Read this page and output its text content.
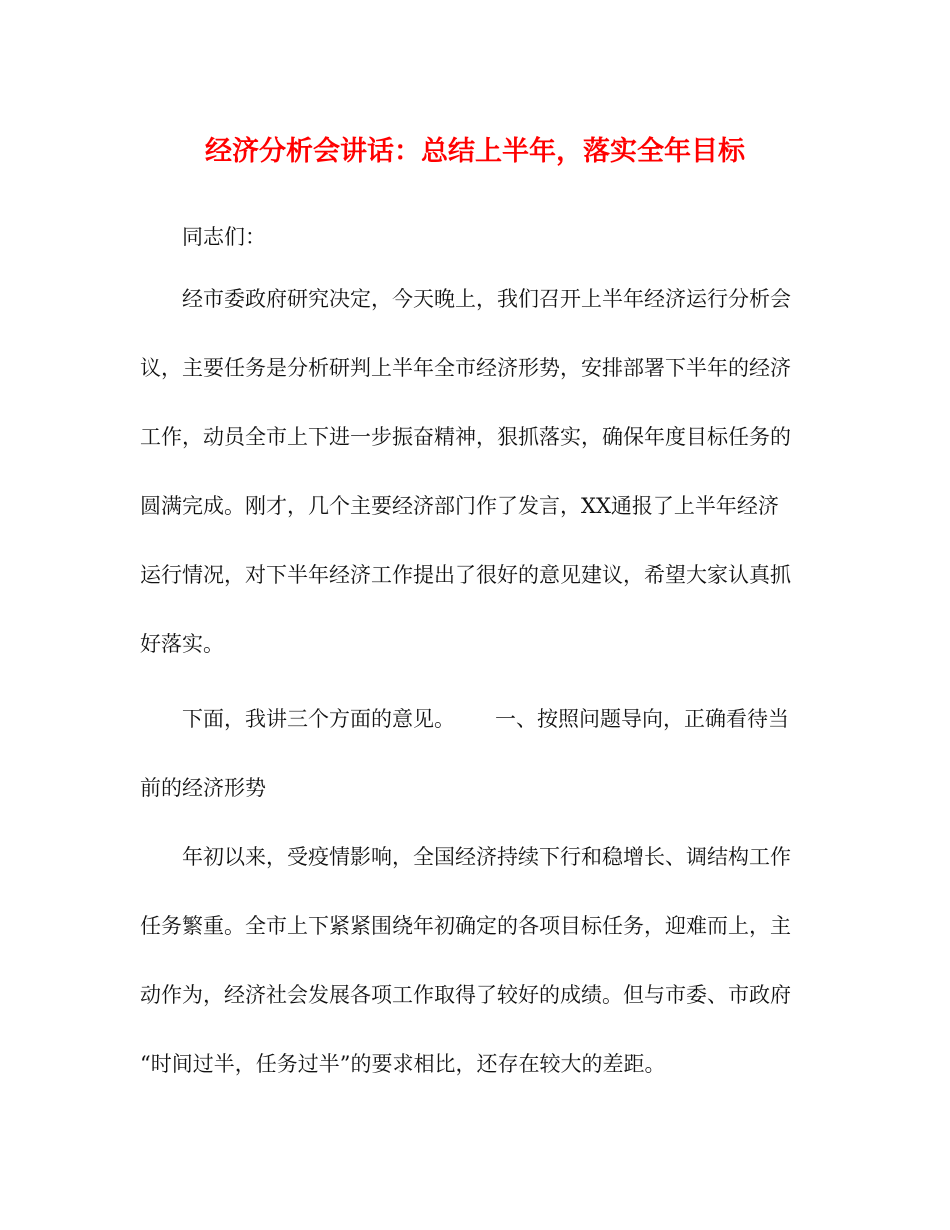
经济分析会讲话：总结上半年，落实全年目标
同志们：
经市委政府研究决定，今天晚上，我们召开上半年经济运行分析会
议，主要任务是分析研判上半年全市经济形势，安排部署下半年的经济
工作，动员全市上下进一步振奋精神，狠抓落实，确保年度目标任务的
圆满完成。刚才，几个主要经济部门作了发言，XX通报了上半年经济
运行情况，对下半年经济工作提出了很好的意见建议，希望大家认真抓
好落实。
下面，我讲三个方面的意见。      一、按照问题导向，正确看待当
前的经济形势
年初以来，受疫情影响，全国经济持续下行和稳增长、调结构工作
任务繁重。全市上下紧紧围绕年初确定的各项目标任务，迎难而上，主
动作为，经济社会发展各项工作取得了较好的成绩。但与市委、市政府
“时间过半，任务过半”的要求相比，还存在较大的差距。
